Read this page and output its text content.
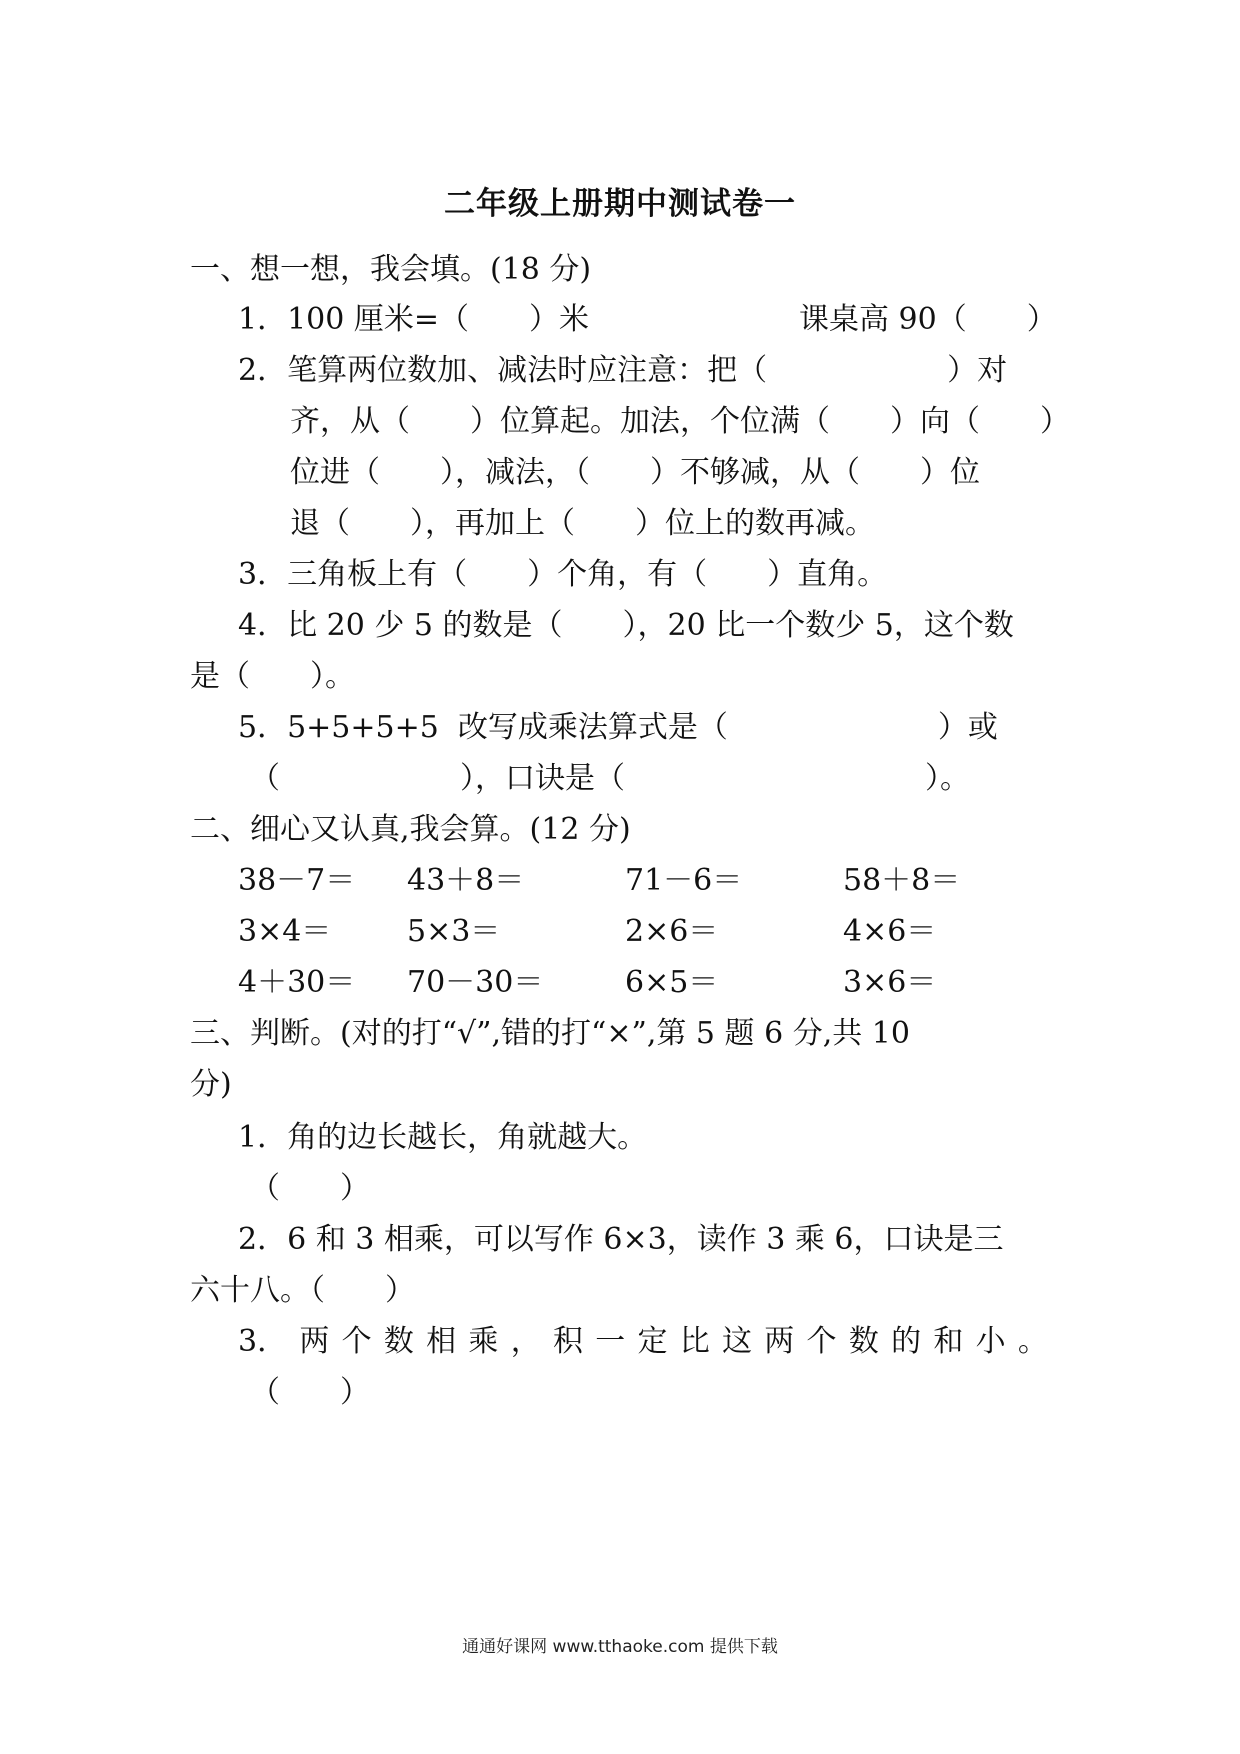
二年级上册期中测试卷一
一、想一想，我会填。(18 分)
1．100 厘米=（　　）米　　　　　　　课桌高 90（　　）
2．笔算两位数加、减法时应注意：把（　　　　　　）对
齐，从（　　）位算起。加法，个位满（　　）向（　　）
位进（　　），减法，（　　）不够减，从（　　）位
退（　　），再加上（　　）位上的数再减。
3．三角板上有（　　）个角，有（　　）直角。
4．比 20 少 5 的数是（　　），20 比一个数少 5，这个数
是（　　）。
5．5+5+5+5  改写成乘法算式是（　　　　　　　）或
（　　　　　　），口诀是（　　　　　　　　　　）。
二、细心又认真,我会算。(12 分)
38－7＝ 43＋8＝	71－6＝	58＋8＝
3×4＝	5×3＝	2×6＝	4×6＝
4＋30＝ 70－30＝	6×5＝	3×6＝
三、判断。(对的打“√”,错的打“×”,第 5 题 6 分,共 10
分)
1．角的边长越长，角就越大。
（　　）
2．6 和 3 相乘，可以写作 6×3，读作 3 乘 6，口诀是三
六十八。（　　）
3． 两 个 数 相 乘 ， 积 一 定 比 这 两 个 数 的 和 小 。
（　　）
通通好课网 www.tthaoke.com 提供下载
